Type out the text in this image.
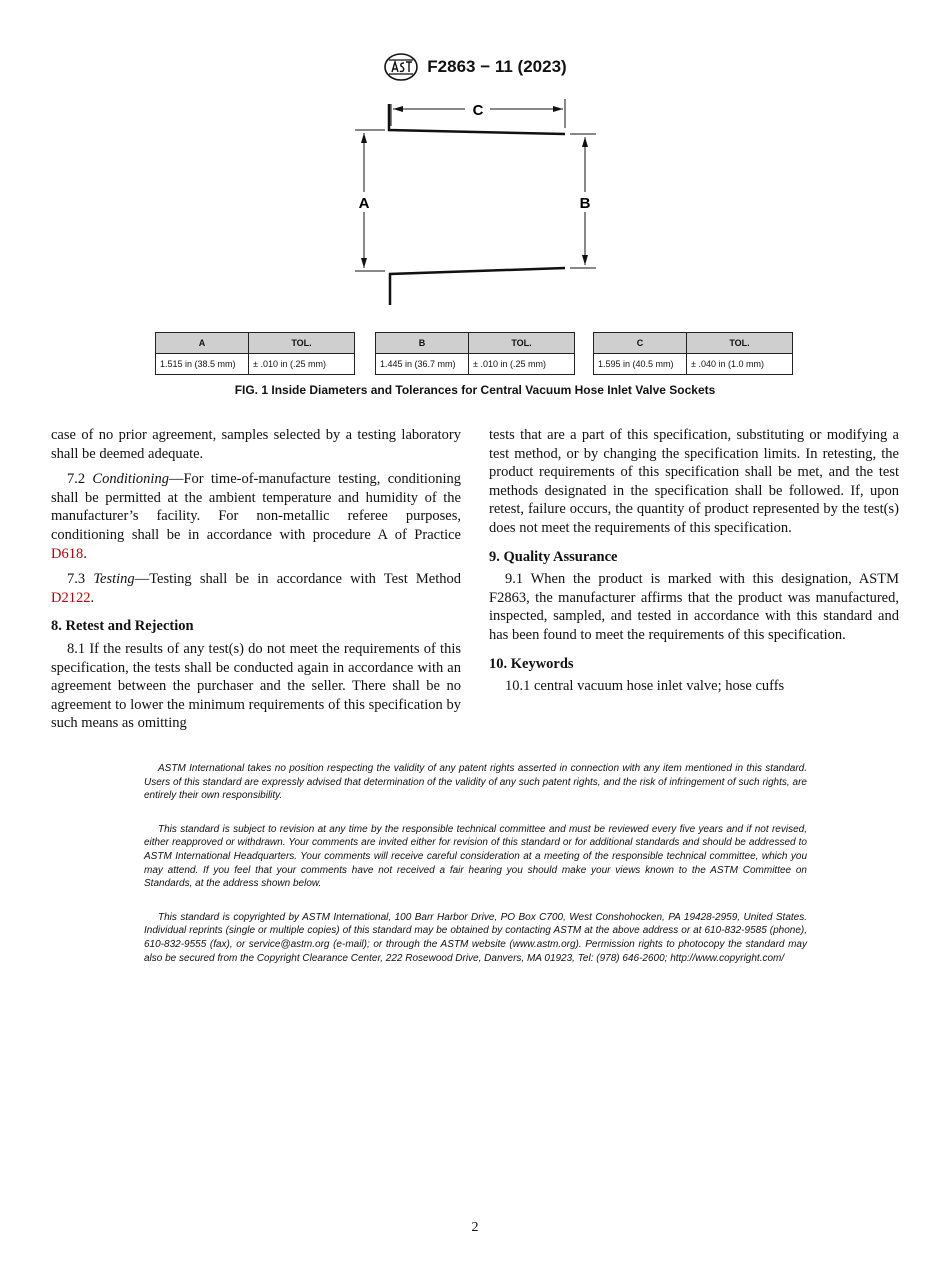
F2863 − 11 (2023)
C
A	B
A	TOL.
1.515 in (38.5 mm)	± .010 in (.25 mm)
B	TOL.
1.445 in (36.7 mm)	± .010 in (.25 mm)
C	TOL.
1.595 in (40.5 mm)	± .040 in (1.0 mm)
FIG. 1 Inside Diameters and Tolerances for Central Vacuum Hose Inlet Valve Sockets

case of no prior agreement, samples selected by a testing laboratory shall be deemed adequate.

7.2 Conditioning—For time-of-manufacture testing, conditioning shall be permitted at the ambient temperature and humidity of the manufacturer’s facility. For non-metallic referee purposes, conditioning shall be in accordance with procedure A of Practice D618.

7.3 Testing—Testing shall be in accordance with Test Method D2122.

8. Retest and Rejection

8.1 If the results of any test(s) do not meet the requirements of this specification, the tests shall be conducted again in accordance with an agreement between the purchaser and the seller. There shall be no agreement to lower the minimum requirements of this specification by such means as omitting

tests that are a part of this specification, substituting or modifying a test method, or by changing the specification limits. In retesting, the product requirements of this specification shall be met, and the test methods designated in the specification shall be followed. If, upon retest, failure occurs, the quantity of product represented by the test(s) does not meet the requirements of this specification.

9. Quality Assurance

9.1 When the product is marked with this designation, ASTM F2863, the manufacturer affirms that the product was manufactured, inspected, sampled, and tested in accordance with this standard and has been found to meet the requirements of this specification.

10. Keywords

10.1 central vacuum hose inlet valve; hose cuffs

ASTM International takes no position respecting the validity of any patent rights asserted in connection with any item mentioned in this standard. Users of this standard are expressly advised that determination of the validity of any such patent rights, and the risk of infringement of such rights, are entirely their own responsibility.

This standard is subject to revision at any time by the responsible technical committee and must be reviewed every five years and if not revised, either reapproved or withdrawn. Your comments are invited either for revision of this standard or for additional standards and should be addressed to ASTM International Headquarters. Your comments will receive careful consideration at a meeting of the responsible technical committee, which you may attend. If you feel that your comments have not received a fair hearing you should make your views known to the ASTM Committee on Standards, at the address shown below.

This standard is copyrighted by ASTM International, 100 Barr Harbor Drive, PO Box C700, West Conshohocken, PA 19428-2959, United States. Individual reprints (single or multiple copies) of this standard may be obtained by contacting ASTM at the above address or at 610-832-9585 (phone), 610-832-9555 (fax), or service@astm.org (e-mail); or through the ASTM website (www.astm.org). Permission rights to photocopy the standard may also be secured from the Copyright Clearance Center, 222 Rosewood Drive, Danvers, MA 01923, Tel: (978) 646-2600; http://www.copyright.com/

2
